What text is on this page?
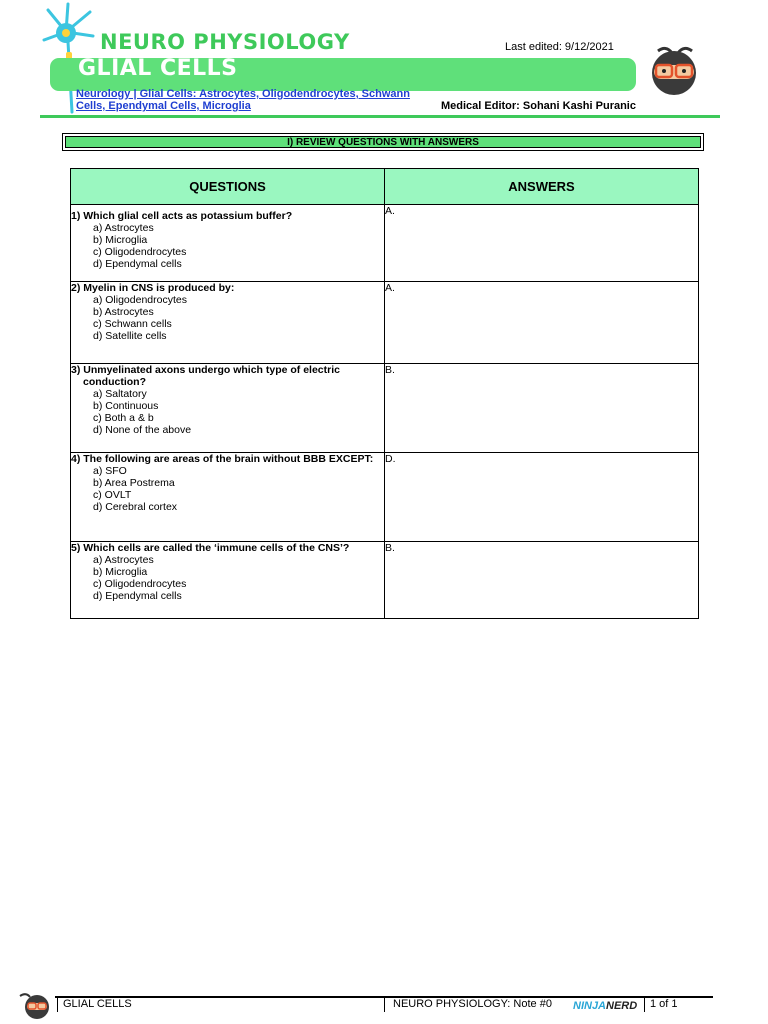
NEURO PHYSIOLOGY	Last edited: 9/12/2021
GLIAL CELLS
Neurology | Glial Cells: Astrocytes, Oligodendrocytes, Schwann Cells, Ependymal Cells, Microglia	Medical Editor: Sohani Kashi Puranic
I) REVIEW QUESTIONS WITH ANSWERS
QUESTIONS	ANSWERS

1) Which glial cell acts as potassium buffer?
a) Astrocytes
b) Microglia
c) Oligodendrocytes
d) Ependymal cells	A.

2) Myelin in CNS is produced by:
a) Oligodendrocytes
b) Astrocytes
c) Schwann cells
d) Satellite cells	A.

3) Unmyelinated axons undergo which type of electric conduction?
a) Saltatory
b) Continuous
c) Both a & b
d) None of the above	B.

4) The following are areas of the brain without BBB EXCEPT:
a) SFO
b) Area Postrema
c) OVLT
d) Cerebral cortex	D.

5) Which cells are called the ‘immune cells of the CNS’?
a) Astrocytes
b) Microglia
c) Oligodendrocytes
d) Ependymal cells	B.
GLIAL CELLS	NEURO PHYSIOLOGY: Note #0 NINJANERD 1 of 1
